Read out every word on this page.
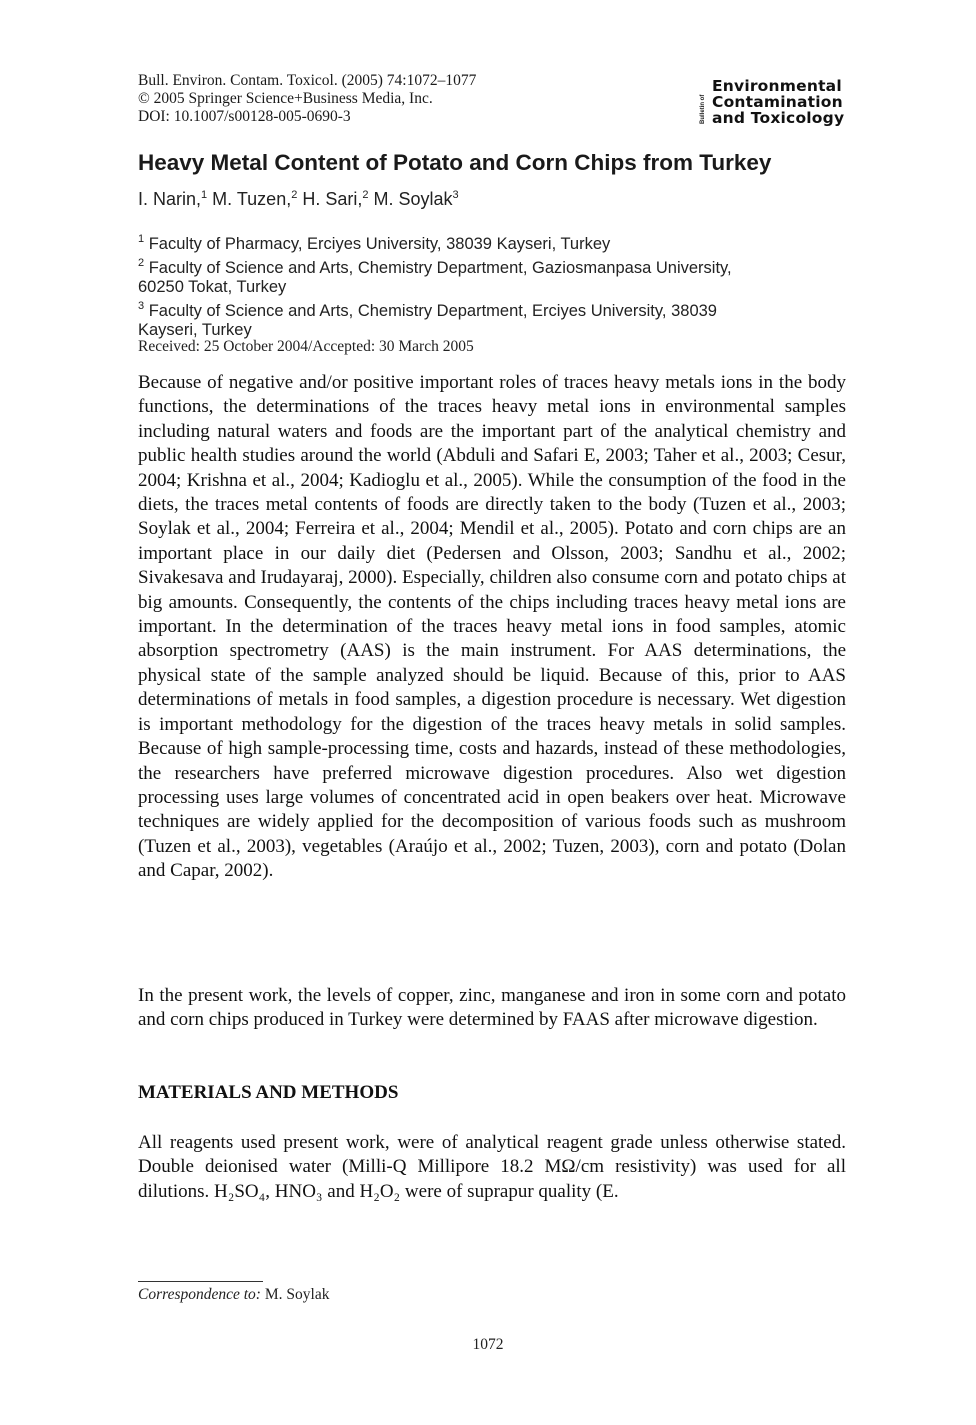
Bull. Environ. Contam. Toxicol. (2005) 74:1072–1077
© 2005 Springer Science+Business Media, Inc.
DOI: 10.1007/s00128-005-0690-3	Bulletin of
Environmental
Contamination
and Toxicology
Heavy Metal Content of Potato and Corn Chips from Turkey
I. Narin,$^1$ M. Tuzen,$^2$ H. Sari,$^2$ M. Soylak$^3$
$^1$ Faculty of Pharmacy, Erciyes University, 38039 Kayseri, Turkey
$^2$ Faculty of Science and Arts, Chemistry Department, Gaziosmanpasa University,
60250 Tokat, Turkey
$^3$ Faculty of Science and Arts, Chemistry Department, Erciyes University, 38039
Kayseri, Turkey
Received: 25 October 2004/Accepted: 30 March 2005

Because of negative and/or positive important roles of traces heavy metals ions in the body functions, the determinations of the traces heavy metal ions in environmental samples including natural waters and foods are the important part of the analytical chemistry and public health studies around the world (Abduli and Safari E, 2003; Taher et al., 2003; Cesur, 2004; Krishna et al., 2004; Kadioglu et al., 2005). While the consumption of the food in the diets, the traces metal contents of foods are directly taken to the body (Tuzen et al., 2003; Soylak et al., 2004; Ferreira et al., 2004; Mendil et al., 2005). Potato and corn chips are an important place in our daily diet (Pedersen and Olsson, 2003; Sandhu et al., 2002; Sivakesava and Irudayaraj, 2000). Especially, children also consume corn and potato chips at big amounts. Consequently, the contents of the chips including traces heavy metal ions are important. In the determination of the traces heavy metal ions in food samples, atomic absorption spectrometry (AAS) is the main instrument. For AAS determinations, the physical state of the sample analyzed should be liquid. Because of this, prior to AAS determinations of metals in food samples, a digestion procedure is necessary. Wet digestion is important methodology for the digestion of the traces heavy metals in solid samples. Because of high sample-processing time, costs and hazards, instead of these methodologies, the researchers have preferred microwave digestion procedures. Also wet digestion processing uses large volumes of concentrated acid in open beakers over heat. Microwave techniques are widely applied for the decomposition of various foods such as mushroom (Tuzen et al., 2003), vegetables (Araújo et al., 2002; Tuzen, 2003), corn and potato (Dolan and Capar, 2002).

In the present work, the levels of copper, zinc, manganese and iron in some corn and potato and corn chips produced in Turkey were determined by FAAS after microwave digestion.

MATERIALS AND METHODS

All reagents used present work, were of analytical reagent grade unless otherwise stated. Double deionised water (Milli-Q Millipore 18.2 MΩ/cm resistivity) was used for all dilutions. H₂SO₄, HNO₃ and H₂O₂ were of suprapur quality (E.

Correspondence to: M. Soylak
1072
